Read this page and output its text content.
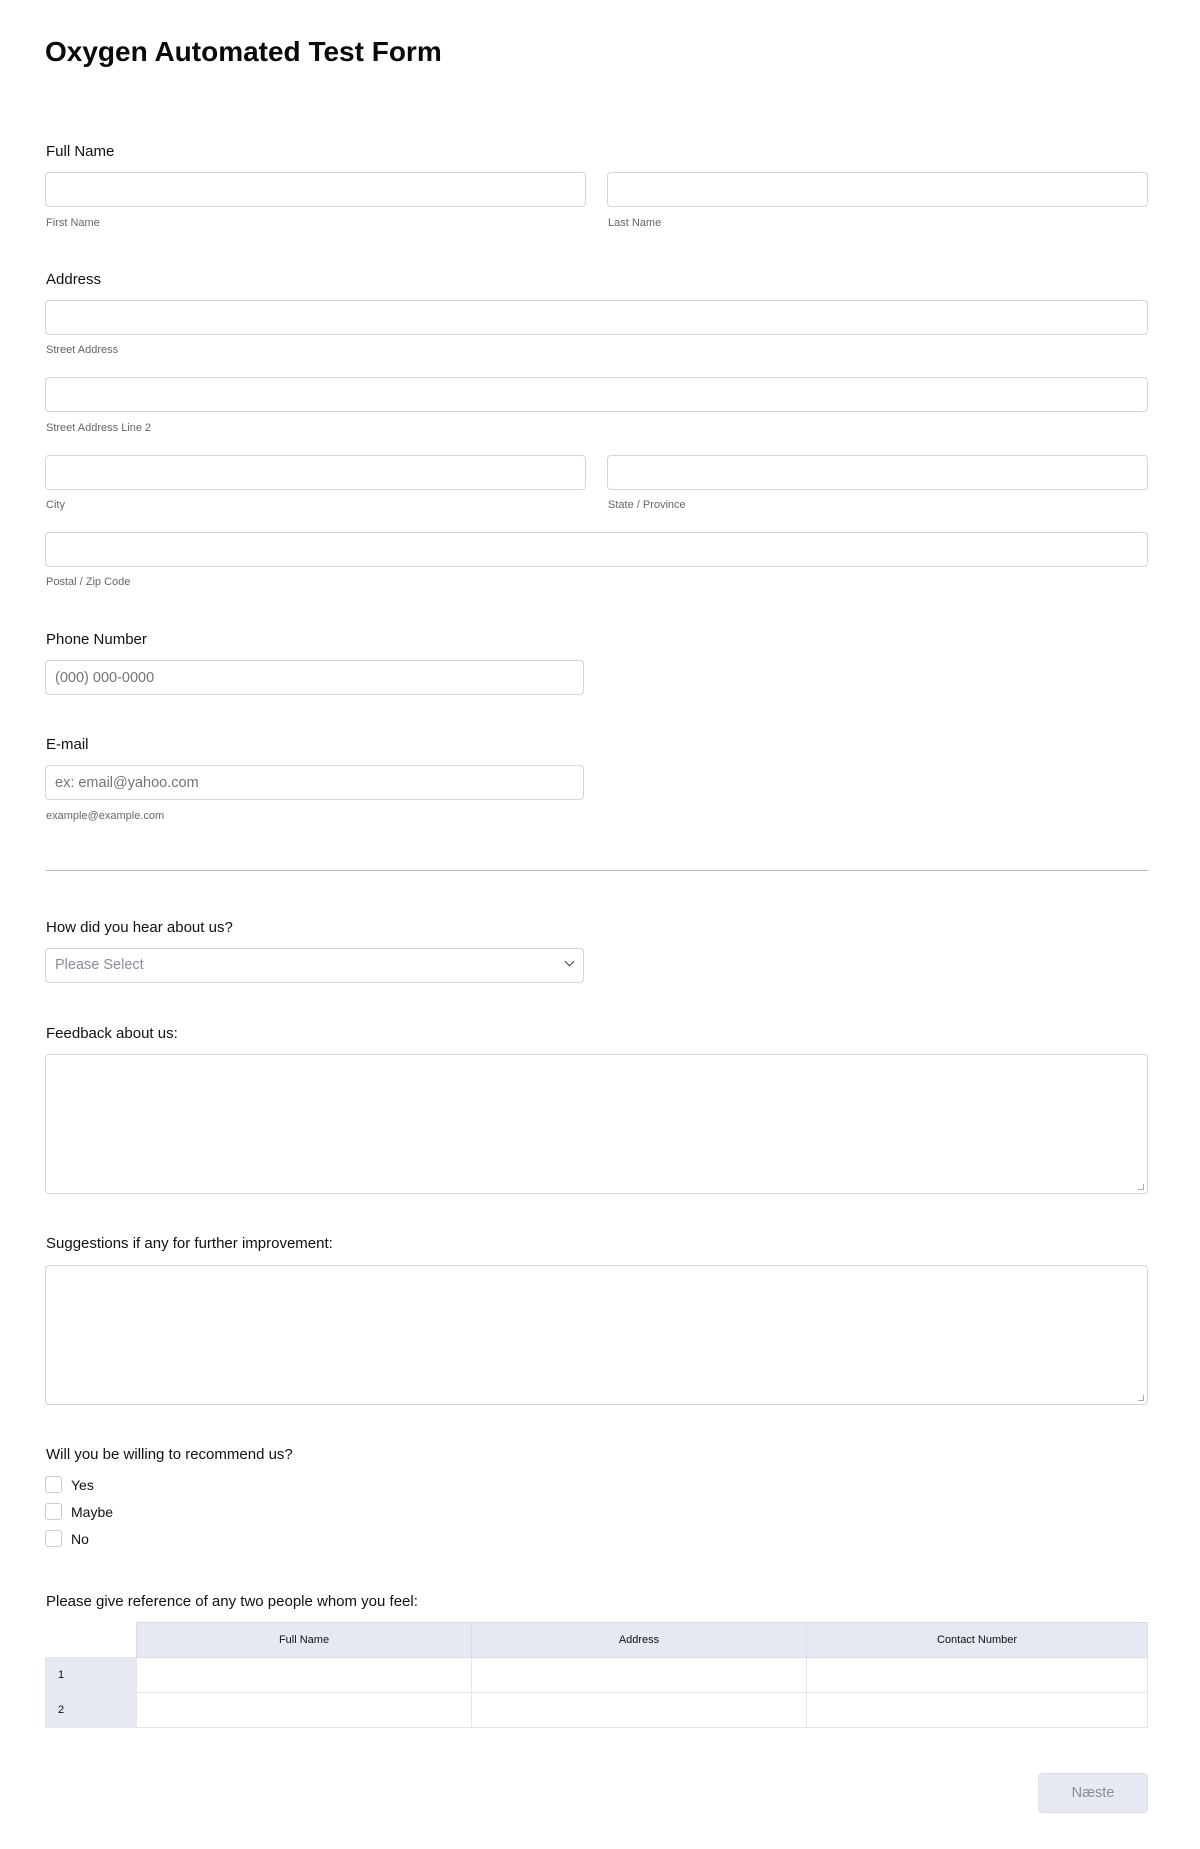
Oxygen Automated Test Form
Full Name
First Name	Last Name
Address
Street Address
Street Address Line 2
City	State / Province
Postal / Zip Code
Phone Number
(000) 000-0000
E-mail
ex: email@yahoo.com
example@example.com
How did you hear about us?
Please Select
Feedback about us:
Suggestions if any for further improvement:
Will you be willing to recommend us?
Yes
Maybe
No
Please give reference of any two people whom you feel:
	Full Name	Address	Contact Number
1			
2			
Næste
